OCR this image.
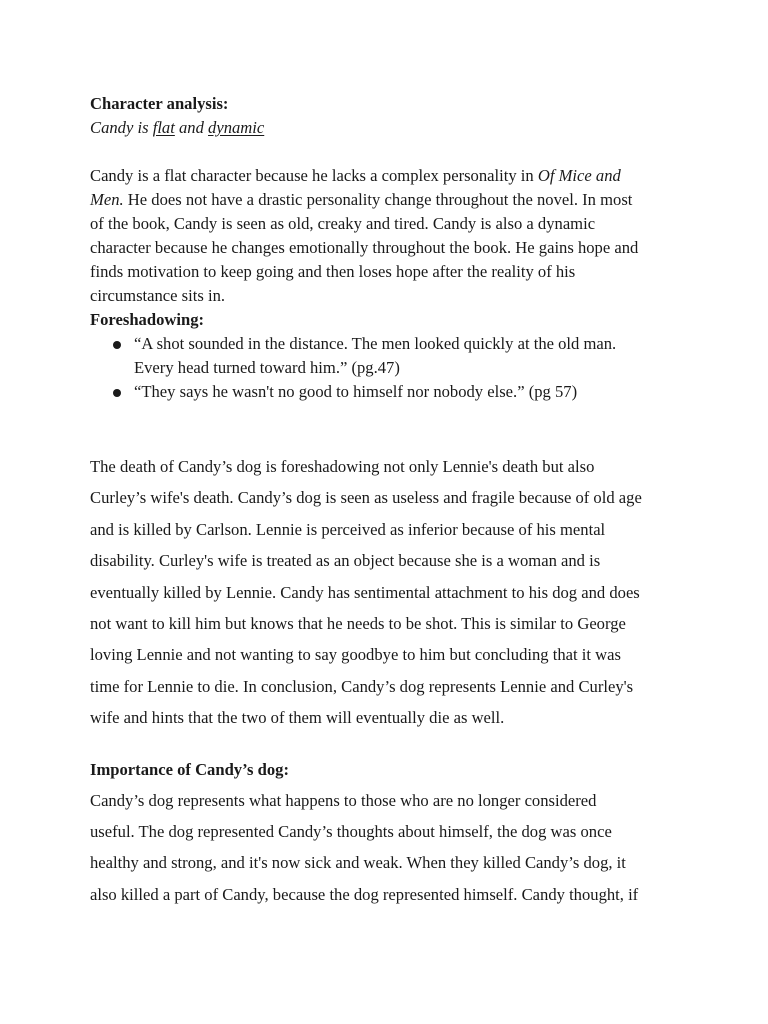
Character analysis:
Candy is flat and dynamic
Candy is a flat character because he lacks a complex personality in Of Mice and
Men. He does not have a drastic personality change throughout the novel. In most
of the book, Candy is seen as old, creaky and tired. Candy is also a dynamic
character because he changes emotionally throughout the book. He gains hope and
finds motivation to keep going and then loses hope after the reality of his
circumstance sits in.
Foreshadowing:
“A shot sounded in the distance. The men looked quickly at the old man.
Every head turned toward him.” (pg.47)
“They says he wasn't no good to himself nor nobody else.” (pg 57)
The death of Candy’s dog is foreshadowing not only Lennie's death but also
Curley’s wife's death. Candy’s dog is seen as useless and fragile because of old age
and is killed by Carlson. Lennie is perceived as inferior because of his mental
disability. Curley's wife is treated as an object because she is a woman and is
eventually killed by Lennie. Candy has sentimental attachment to his dog and does
not want to kill him but knows that he needs to be shot. This is similar to George
loving Lennie and not wanting to say goodbye to him but concluding that it was
time for Lennie to die. In conclusion, Candy’s dog represents Lennie and Curley's
wife and hints that the two of them will eventually die as well.
Importance of Candy’s dog:
Candy’s dog represents what happens to those who are no longer considered
useful. The dog represented Candy’s thoughts about himself, the dog was once
healthy and strong, and it's now sick and weak. When they killed Candy’s dog, it
also killed a part of Candy, because the dog represented himself. Candy thought, if
